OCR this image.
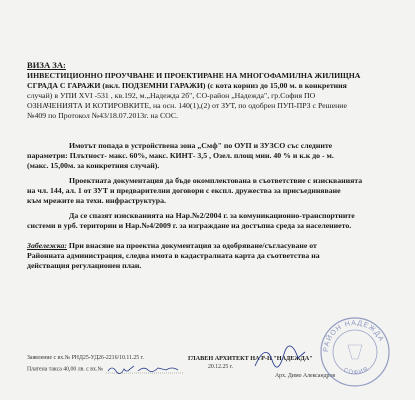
ВИЗА ЗА:
ИНВЕСТИЦИОННО ПРОУЧВАНЕ И ПРОЕКТИРАНЕ НА МНОГОФАМИЛНА ЖИЛИЩНА
СГРАДА С ГАРАЖИ (вкл. ПОДЗЕМНИ ГАРАЖИ) (с кота корниз до 15,00 м. в конкретния
случай) в УПИ XVI -531 , кв.192, м.„Надежда 2б", СО-район „Надежда", гр.София ПО
ОЗНАЧЕНИЯТА И КОТИРОВКИТЕ, на осн. 140(1),(2) от ЗУТ, по одобрен ПУП-ПРЗ с Решение
№409 по Протокол №43/18.07.2013г. на СОС.
Имотът попада в устройствена зона „Смф" по ОУП и ЗУЗСО със следните
параметри: Плътност- макс. 60%, макс. КИНТ- 3,5 , Озел. площ мин. 40 % и к.к до - м.
(макс. 15,00м. за конкретния случай).
Проектната документация да бъде окомплектована в съответствие с изискванията
на чл. 144, ал. 1 от ЗУТ и предварителни договори с експл. дружества за присъединяване
към мрежите на техн. инфраструктура.
Да се спазят изискванията на Нар.№2/2004 г. за комуникационно-транспортните
системи в урб. територии и Нар.№4/2009 г. за изграждане на достъпна среда за населението.
Забележка: При внасяне на проектна документация за одобряване/съгласуване от
Районната администрация, следва имота в кадастралната карта да съответства на
действащия регулационен план.
Заявление с вх.№ РНД25-УД26-2216/10.11.25 г.
Платена такса 40,00 лв. с вх.№
ГЛАВЕН АРХИТЕКТ НА Р-Н "НАДЕЖДА"
20.12.25 г.
Арх. Димо Александров
РАЙОН НАДЕЖДА
СОФИЯ
